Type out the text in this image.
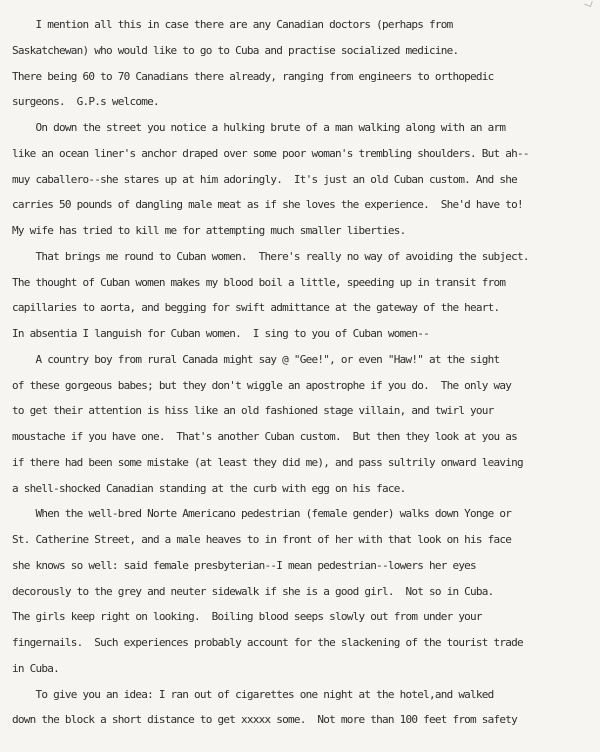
I mention all this in case there are any Canadian doctors (perhaps from
Saskatchewan) who would like to go to Cuba and practise socialized medicine.
There being 60 to 70 Canadians there already, ranging from engineers to orthopedic
surgeons.  G.P.s welcome.
On down the street you notice a hulking brute of a man walking along with an arm
like an ocean liner's anchor draped over some poor woman's trembling shoulders. But ah--
muy caballero--she stares up at him adoringly.  It's just an old Cuban custom. And she
carries 50 pounds of dangling male meat as if she loves the experience.  She'd have to!
My wife has tried to kill me for attempting much smaller liberties.
That brings me round to Cuban women.  There's really no way of avoiding the subject.
The thought of Cuban women makes my blood boil a little, speeding up in transit from
capillaries to aorta, and begging for swift admittance at the gateway of the heart.
In absentia I languish for Cuban women.  I sing to you of Cuban women--
A country boy from rural Canada might say @ "Gee!", or even "Haw!" at the sight
of these gorgeous babes; but they don't wiggle an apostrophe if you do.  The only way
to get their attention is hiss like an old fashioned stage villain, and twirl your
moustache if you have one.  That's another Cuban custom.  But then they look at you as
if there had been some mistake (at least they did me), and pass sultrily onward leaving
a shell-shocked Canadian standing at the curb with egg on his face.
When the well-bred Norte Americano pedestrian (female gender) walks down Yonge or
St. Catherine Street, and a male heaves to in front of her with that look on his face
she knows so well: said female presbyterian--I mean pedestrian--lowers her eyes
decorously to the grey and neuter sidewalk if she is a good girl.  Not so in Cuba.
The girls keep right on looking.  Boiling blood seeps slowly out from under your
fingernails.  Such experiences probably account for the slackening of the tourist trade
in Cuba.
To give you an idea: I ran out of cigarettes one night at the hotel,and walked
down the block a short distance to get xxxxx some.  Not more than 100 feet from safety
